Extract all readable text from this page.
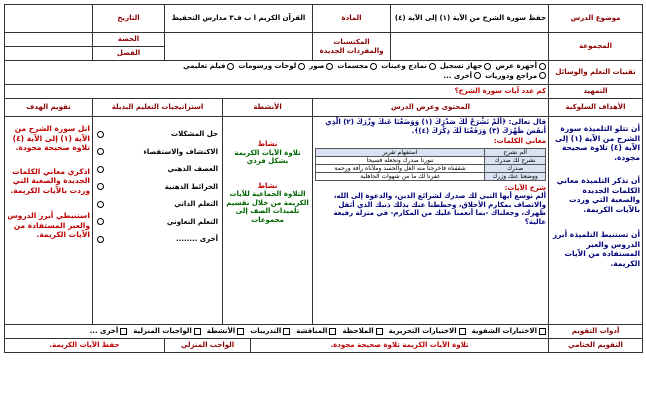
موضوع الدرس	حفظ سورة الشرح من الآية (١) إلى الآية (٤)	المادة	القرآن الكريم ا ب ف٣ مدارس التحفيظ	التاريخ	
المجموعة		المكتسبات والمفردات الجديدة		
الحصة
الفصل

تقنيات التعلم والوسائل	
أجهزة عرض
جهاز تسجيل
نماذج وعينات
مجسمات
صور
لوحات ورسومات
فيلم تعليمي
مراجع ودوريات
أخرى ...

التمهيد	كم عدد آيات سورة الشرح؟
الأهداف السلوكية	المحتوى وعرض الدرس	الأنشطة	استراتيجيات التعليم البديلة	تقويم الهدف

أن تتلو التلميذة سورة الشرح من الآية (١) إلى الآية (٤) تلاوة صحيحة مجودة.
أن تذكر التلميذة معاني الكلمات الجديدة والصعبة التي وردت بالآيات الكريمة.
أن تستنبط التلميذة أبرز الدروس والعبر المستفادة من الآيات الكريمة.

قال تعالى: ﴿أَلَمْ نَشْرَحْ لَكَ صَدْرَكَ (١) وَوَضَعْنَا عَنكَ وِزْرَكَ (٢) الَّذِي أَنقَضَ ظَهْرَكَ (٣) وَرَفَعْنَا لَكَ ذِكْرَكَ (٤)﴾.
معاني الكلمات:
ألم نشرح	استفهام تقرير
نشرح لك صدرك	ننورنا صدرك ونجعله فسيحا
صدرك	شققناه فأخرجنا منه الغل والحسد وملأناه رأفة ورحمة
ووضعنا عنك وزرك	غفرنا لك ما من شهوات الجاهلية
شرح الآيات:
ألم نوسع أيها النبي لك صدرك لشرائع الدين، والدعوة إلى الله، والاتصاف بمكارم الأخلاق، وحططنا عنك بذلك ذنبك الذي أثقل ظهرك، وجعلناك -بما أنعمنا عليك من المكارم- في منزلة رفيعة عالية؟

نشاط
تلاوة الآيات الكريمة بشكل فردي
نشاط
التلاوة الجماعية للآيات الكريمة من خلال تقسيم تلميذات الصف إلى مجموعات

حل المشكلات
الاكتشاف والاستقصاء
العصف الذهني
الخرائط الذهنية
التعلم الذاتي
التعلم التعاوني
أخرى ........

اتل سورة الشرح من الآية (١) إلى الآية (٤) تلاوة صحيحة مجودة.
اذكري معاني الكلمات الجديدة والصعبة التي وردت بالآيات الكريمة.
استنبطي أبرز الدروس والعبر المستفادة من الآيات الكريمة.

أدوات التقويم	
الاختبارات الشفوية
الاختبارات التحريرية
الملاحظة
المناقشة
التدريبات
الأنشطة
الواجبات المنزلية
أخرى ...

التقويم الختامي	تلاوة الآيات الكريمة تلاوة صحيحة مجودة.	الواجب المنزلي	حفظ الآيات الكريمة.
